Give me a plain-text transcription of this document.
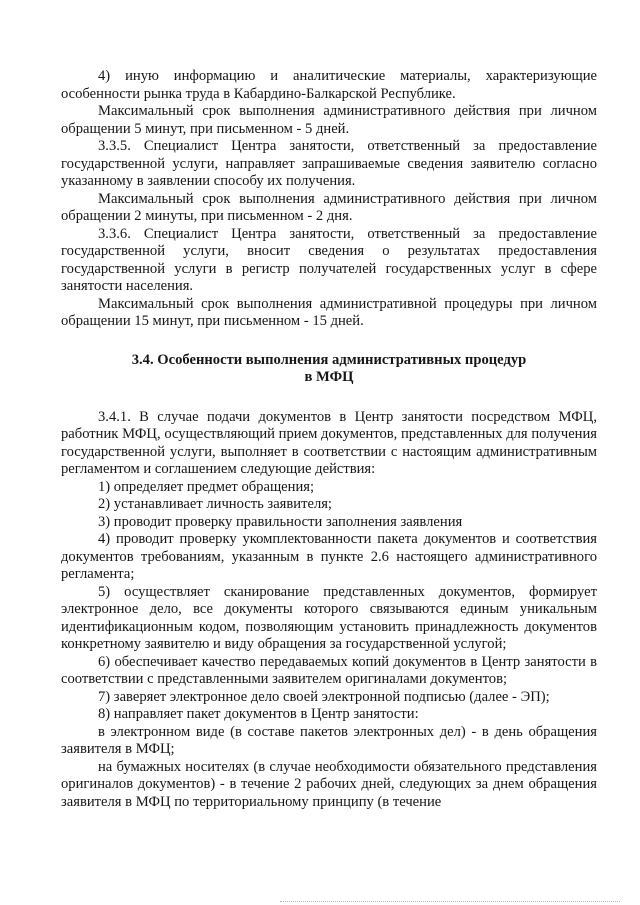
4) иную информацию и аналитические материалы, характеризующие особенности рынка труда в Кабардино-Балкарской Республике.

Максимальный срок выполнения административного действия при личном обращении 5 минут, при письменном - 5 дней.

3.3.5. Специалист Центра занятости, ответственный за предоставление государственной услуги, направляет запрашиваемые сведения заявителю согласно указанному в заявлении способу их получения.

Максимальный срок выполнения административного действия при личном обращении 2 минуты, при письменном - 2 дня.

3.3.6. Специалист Центра занятости, ответственный за предоставление государственной услуги, вносит сведения о результатах предоставления государственной услуги в регистр получателей государственных услуг в сфере занятости населения.

Максимальный срок выполнения административной процедуры при личном обращении 15 минут, при письменном - 15 дней.

3.4. Особенности выполнения административных процедур
в МФЦ

3.4.1. В случае подачи документов в Центр занятости посредством МФЦ, работник МФЦ, осуществляющий прием документов, представленных для получения государственной услуги, выполняет в соответствии с настоящим административным регламентом и соглашением следующие действия:

1) определяет предмет обращения;

2) устанавливает личность заявителя;

3) проводит проверку правильности заполнения заявления

4) проводит проверку укомплектованности пакета документов и соответствия документов требованиям, указанным в пункте 2.6 настоящего административного регламента;

5) осуществляет сканирование представленных документов, формирует электронное дело, все документы которого связываются единым уникальным идентификационным кодом, позволяющим установить принадлежность документов конкретному заявителю и виду обращения за государственной услугой;

6) обеспечивает качество передаваемых копий документов в Центр занятости в соответствии с представленными заявителем оригиналами документов;

7) заверяет электронное дело своей электронной подписью (далее - ЭП);

8) направляет пакет документов в Центр занятости:

в электронном виде (в составе пакетов электронных дел) - в день обращения заявителя в МФЦ;

на бумажных носителях (в случае необходимости обязательного представления оригиналов документов) - в течение 2 рабочих дней, следующих за днем обращения заявителя в МФЦ по территориальному принципу (в течение
